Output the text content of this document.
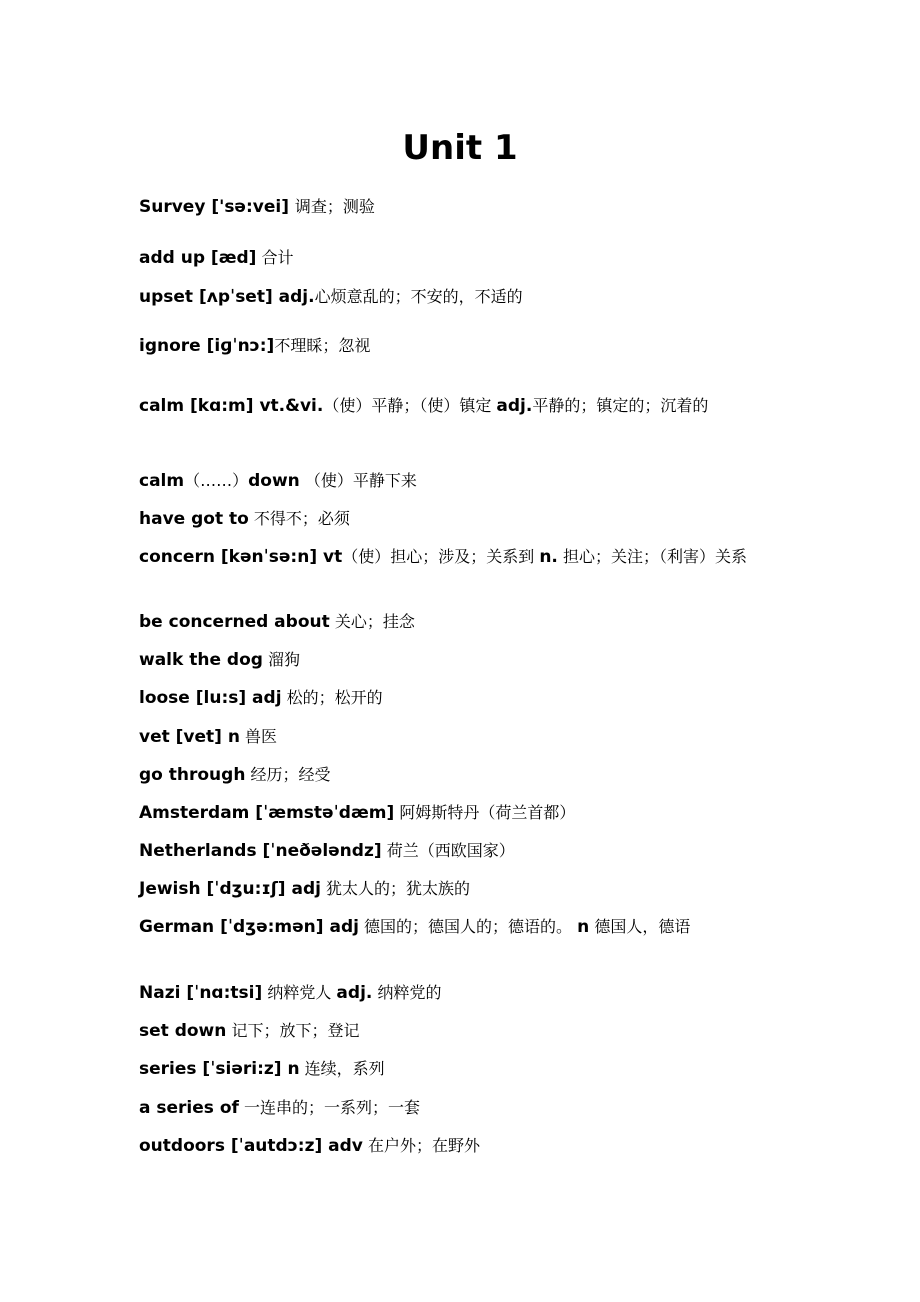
Unit 1
Survey ['sə:vei] 调查；测验
add up [æd] 合计
upset [ʌpˈset] adj.心烦意乱的；不安的，不适的
ignore [iɡˈnɔ:]不理睬；忽视
calm [kɑ:m] vt.&vi.（使）平静；（使）镇定 adj.平静的；镇定的；沉着的
calm（……）down （使）平静下来
have got to 不得不；必须
concern [kənˈsə:n] vt（使）担心；涉及；关系到 n. 担心；关注；（利害）关系
be concerned about 关心；挂念
walk the dog 溜狗
loose [lu:s] adj 松的；松开的
vet [vet] n 兽医
go through 经历；经受
Amsterdam [ˈæmstəˈdæm] 阿姆斯特丹（荷兰首都）
Netherlands [ˈneðələndz] 荷兰（西欧国家）
Jewish [ˈdʒu:ɪʃ] adj 犹太人的；犹太族的
German [ˈdʒə:mən] adj 德国的；德国人的；德语的。 n 德国人，德语
Nazi [ˈnɑ:tsi] 纳粹党人 adj. 纳粹党的
set down 记下；放下；登记
series [ˈsiəri:z] n 连续，系列
a series of 一连串的；一系列；一套
outdoors [ˈautdɔ:z] adv 在户外；在野外
